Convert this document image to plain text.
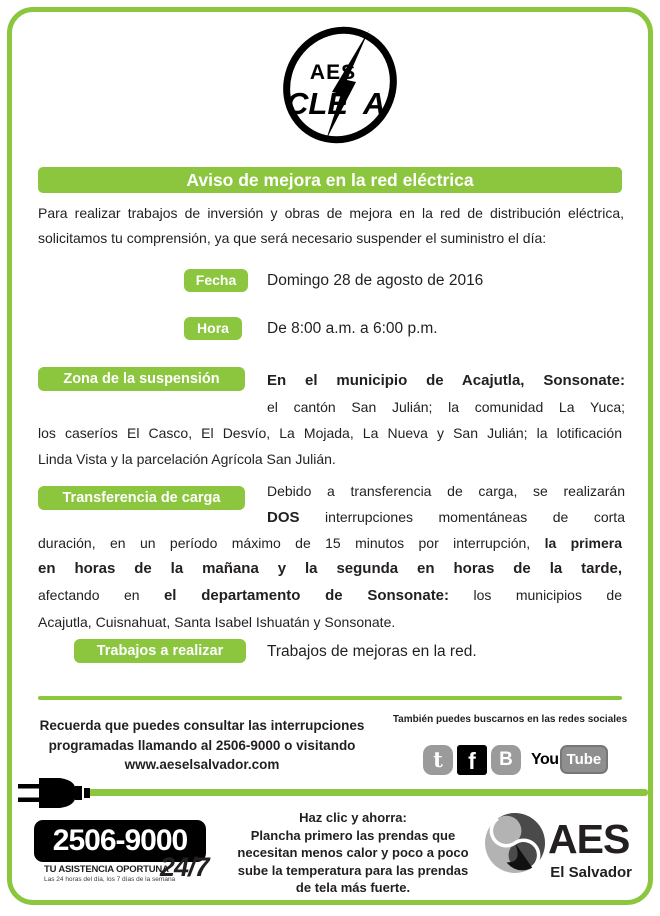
AES
CLE A
Aviso de mejora en la red eléctrica
Para realizar trabajos de inversión y obras de mejora en la red de distribución eléctrica,
solicitamos tu comprensión, ya que será necesario suspender el suministro el día:
Fecha	Domingo 28 de agosto de 2016
Hora	De 8:00 a.m. a 6:00 p.m.
Zona de la suspensión	En el municipio de Acajutla, Sonsonate:
el cantón San Julián; la comunidad La Yuca;
los caseríos El Casco, El Desvío, La Mojada, La Nueva y San Julián; la lotificación
Linda Vista y la parcelación Agrícola San Julián.
Transferencia de carga	Debido a transferencia de carga, se realizarán
DOS interrupciones momentáneas de corta
duración, en un período máximo de 15 minutos por interrupción, la primera
en horas de la mañana y la segunda en horas de la tarde,
afectando en el departamento de Sonsonate: los municipios de
Acajutla, Cuisnahuat, Santa Isabel Ishuatán y Sonsonate.
Trabajos a realizar	Trabajos de mejoras en la red.
Recuerda que puedes consultar las interrupciones
programadas llamando al 2506-9000 o visitando
www.aeselsalvador.com
También puedes buscarnos en las redes sociales
t	f	B	You Tube
2506-9000
TU ASISTENCIA OPORTUNA
24/7
Las 24 horas del día, los 7 días de la semana
Haz clic y ahorra:
Plancha primero las prendas que
necesitan menos calor y poco a poco
sube la temperatura para las prendas
de tela más fuerte.
AES
El Salvador
